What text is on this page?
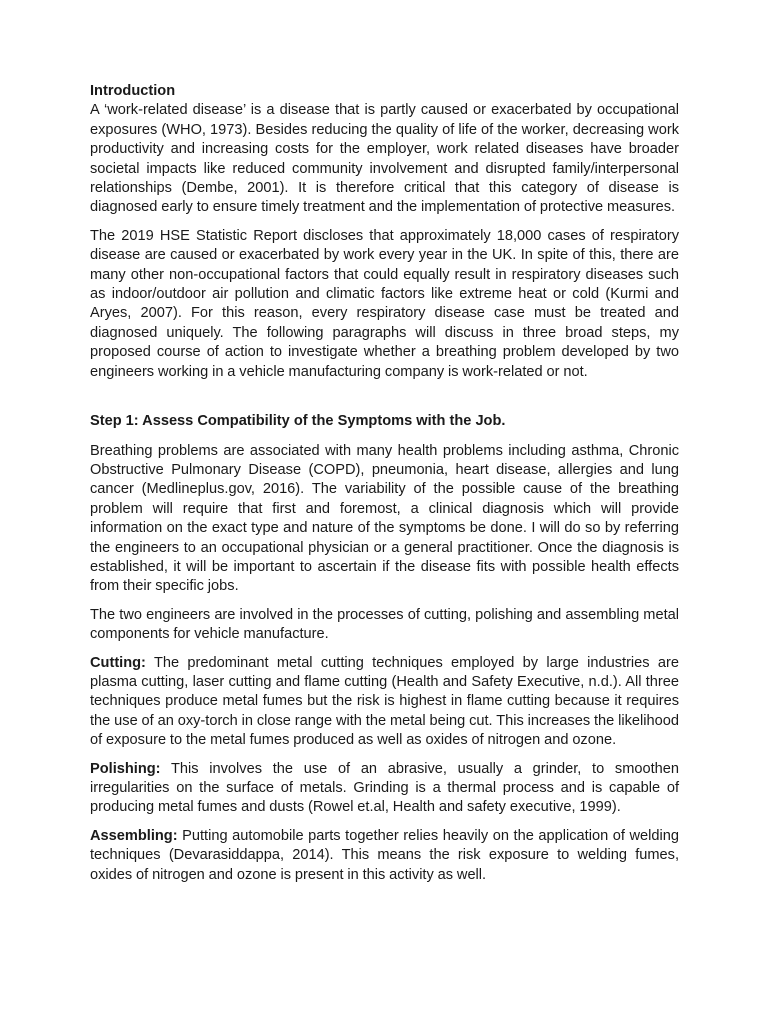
Introduction

A ‘work-related disease’ is a disease that is partly caused or exacerbated by occupational exposures (WHO, 1973). Besides reducing the quality of life of the worker, decreasing work productivity and increasing costs for the employer, work related diseases have broader societal impacts like reduced community involvement and disrupted family/interpersonal relationships (Dembe, 2001). It is therefore critical that this category of disease is diagnosed early to ensure timely treatment and the implementation of protective measures.

The 2019 HSE Statistic Report discloses that approximately 18,000 cases of respiratory disease are caused or exacerbated by work every year in the UK. In spite of this, there are many other non-occupational factors that could equally result in respiratory diseases such as indoor/outdoor air pollution and climatic factors like extreme heat or cold (Kurmi and Aryes, 2007). For this reason, every respiratory disease case must be treated and diagnosed uniquely. The following paragraphs will discuss in three broad steps, my proposed course of action to investigate whether a breathing problem developed by two engineers working in a vehicle manufacturing company is work-related or not.

Step 1: Assess Compatibility of the Symptoms with the Job.

Breathing problems are associated with many health problems including asthma, Chronic Obstructive Pulmonary Disease (COPD), pneumonia, heart disease, allergies and lung cancer (Medlineplus.gov, 2016). The variability of the possible cause of the breathing problem will require that first and foremost, a clinical diagnosis which will provide information on the exact type and nature of the symptoms be done. I will do so by referring the engineers to an occupational physician or a general practitioner. Once the diagnosis is established, it will be important to ascertain if the disease fits with possible health effects from their specific jobs.

The two engineers are involved in the processes of cutting, polishing and assembling metal components for vehicle manufacture.

Cutting: The predominant metal cutting techniques employed by large industries are plasma cutting, laser cutting and flame cutting (Health and Safety Executive, n.d.). All three techniques produce metal fumes but the risk is highest in flame cutting because it requires the use of an oxy-torch in close range with the metal being cut. This increases the likelihood of exposure to the metal fumes produced as well as oxides of nitrogen and ozone.

Polishing: This involves the use of an abrasive, usually a grinder, to smoothen irregularities on the surface of metals. Grinding is a thermal process and is capable of producing metal fumes and dusts (Rowel et.al, Health and safety executive, 1999).

Assembling: Putting automobile parts together relies heavily on the application of welding techniques (Devarasiddappa, 2014). This means the risk exposure to welding fumes, oxides of nitrogen and ozone is present in this activity as well.
